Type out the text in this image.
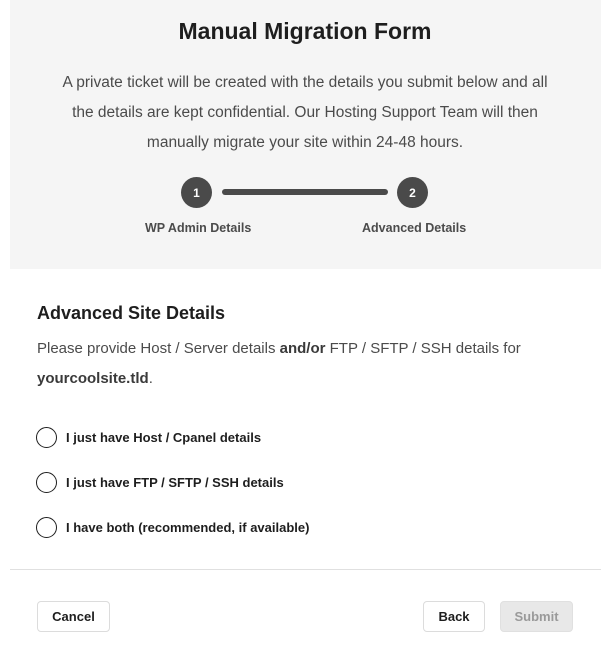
Manual Migration Form

A private ticket will be created with the details you submit below and all the details are kept confidential. Our Hosting Support Team will then manually migrate your site within 24-48 hours.

1	2
WP Admin Details	Advanced Details
Advanced Site Details

Please provide Host / Server details and/or FTP / SFTP / SSH details for yourcoolsite.tld.

I just have Host / Cpanel details
I just have FTP / SFTP / SSH details
I have both (recommended, if available)
Cancel	Back	Submit
